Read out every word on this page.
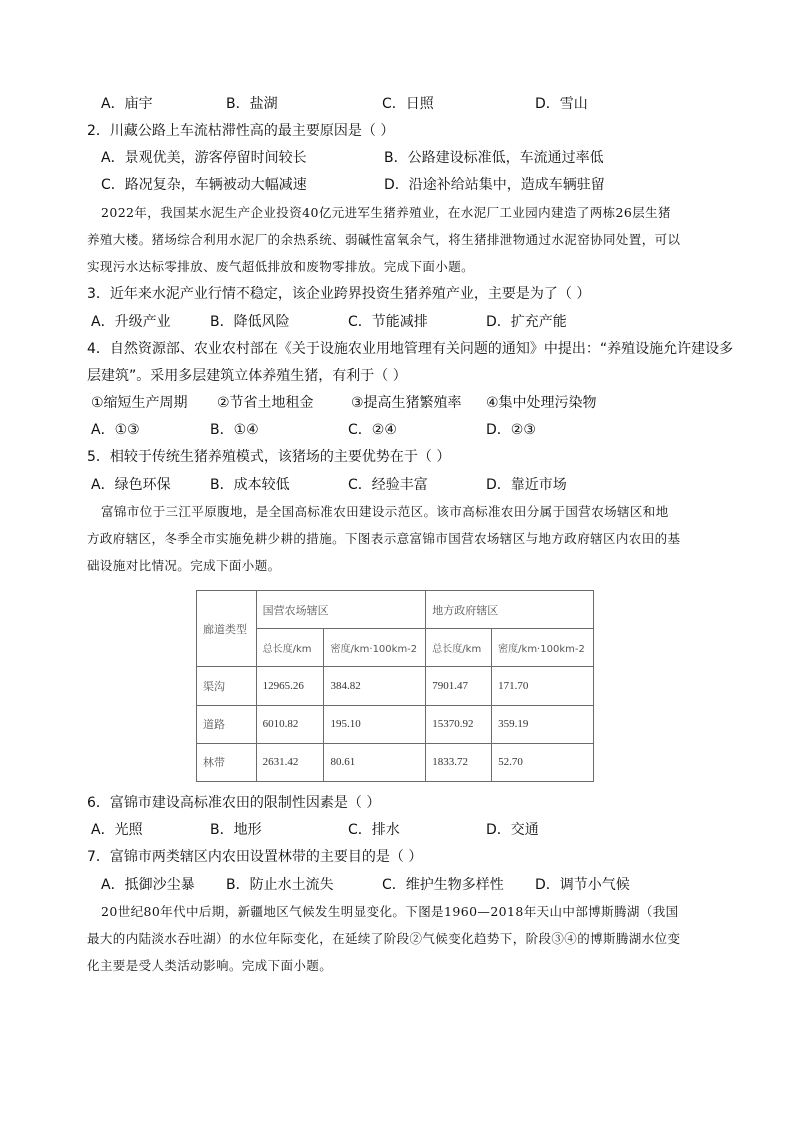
A．庙宇	B．盐湖	C．日照	D．雪山
2．川藏公路上车流枯滞性高的最主要原因是（ ）
A．景观优美，游客停留时间较长	B．公路建设标准低，车流通过率低
C．路况复杂，车辆被动大幅减速	D．沿途补给站集中，造成车辆驻留
2022年，我国某水泥生产企业投资40亿元进军生猪养殖业，在水泥厂工业园内建造了两栋26层生猪
养殖大楼。猪场综合利用水泥厂的余热系统、弱碱性富氧余气，将生猪排泄物通过水泥窑协同处置，可以
实现污水达标零排放、废气超低排放和废物零排放。完成下面小题。
3．近年来水泥产业行情不稳定，该企业跨界投资生猪养殖产业，主要是为了（ ）
A．升级产业	B．降低风险	C．节能减排	D．扩充产能
4．自然资源部、农业农村部在《关于设施农业用地管理有关问题的通知》中提出：“养殖设施允许建设多
层建筑”。采用多层建筑立体养殖生猪，有利于（ ）
①缩短生产周期 ②节省土地租金	③提高生猪繁殖率 ④集中处理污染物
A．①③	B．①④	C．②④	D．②③
5．相较于传统生猪养殖模式，该猪场的主要优势在于（ ）
A．绿色环保	B．成本较低	C．经验丰富	D．靠近市场
富锦市位于三江平原腹地，是全国高标准农田建设示范区。该市高标准农田分属于国营农场辖区和地
方政府辖区，冬季全市实施免耕少耕的措施。下图表示意富锦市国营农场辖区与地方政府辖区内农田的基
础设施对比情况。完成下面小题。
廊道类型	国营农场辖区		地方政府辖区	
	总长度/km	密度/km·100km-2	总长度/km	密度/km·100km-2
渠沟	12965.26	384.82	7901.47	171.70
道路	6010.82	195.10	15370.92	359.19
林带	2631.42	80.61	1833.72	52.70
6．富锦市建设高标准农田的限制性因素是（ ）
A．光照	B．地形	C．排水	D．交通
7．富锦市两类辖区内农田设置林带的主要目的是（ ）
A．抵御沙尘暴 B．防止水土流失	C．维护生物多样性 D．调节小气候
20世纪80年代中后期，新疆地区气候发生明显变化。下图是1960—2018年天山中部博斯腾湖（我国
最大的内陆淡水吞吐湖）的水位年际变化，在延续了阶段②气候变化趋势下，阶段③④的博斯腾湖水位变
化主要是受人类活动影响。完成下面小题。
